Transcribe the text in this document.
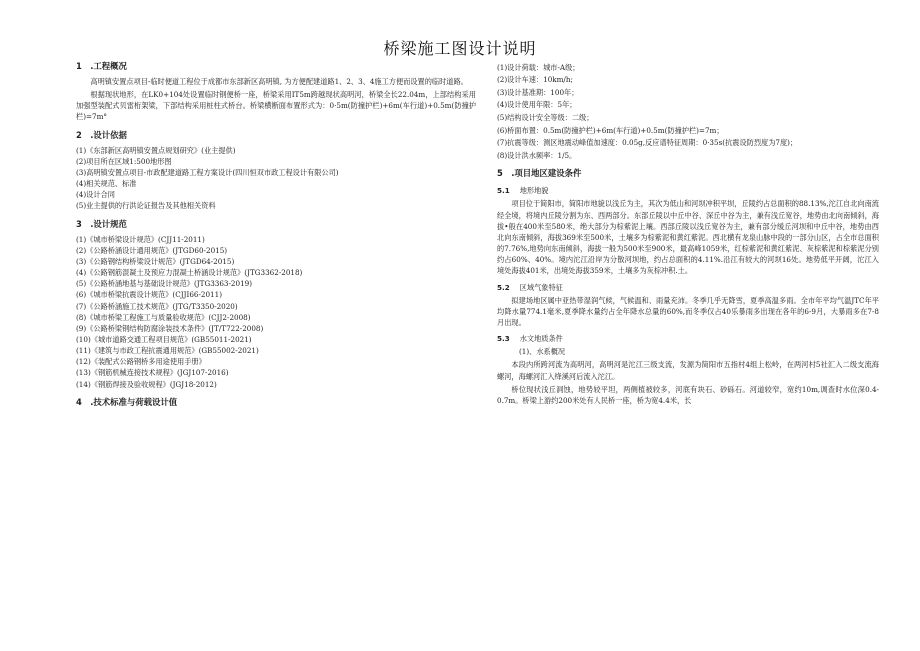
桥梁施工图设计说明
1　.工程概况
高明镇安置点项目-临时便道工程位于成都市东部新区高明镇, 为方便配建道路1、2、3、4施工方便而设置的临时道路。
根据现状地形，在LK0+104处设置临时钢便桥一座，桥梁采用IT5m跨越现状高明河，桥梁全长22.04m，上部结构采用加强型装配式贝雷桁架梁，下部结构采用桩柱式桥台。桥梁横断面布置形式为：0·5m(防撞护栏)+6m(车行道)+0.5m(防撞护栏)=7m°
2　.设计依据
(1)《东部新区高明镇安置点规划研究》(业主提供)
(2)项目所在区域1:500地形图
(3)高明镇安置点项目-市政配建道路工程方案设计(四川恒双市政工程设计有限公司)
(4)相关规范、标准
(4)设计合同
(5)业主提供的行洪论证报告及其他相关资料
3　.设计规范
(1)《城市桥梁设计规范》(CJJ11-2011)
(2)《公路桥涵设计通用规范》(JTGD60-2015)
(3)《公路钢结构桥梁设计规范》(JTGD64-2015)
(4)《公路钢筋混凝土及预应力混凝土桥涵设计规范》(JTG3362-2018)
(5)《公路桥涵地基与基础设计规范》(JTG3363-2019)
(6)《城市桥梁抗震设计规范》(CJJI66-2011)
(7)《公路桥涵施工技术规范》(JTG/T3350-2020)
(8)《城市桥梁工程施工与质量验收规范》(CJJ2-2008)
(9)《公路桥梁钢结构防腐涂装技术条件》(JT/T722-2008)
(10)《城市道路交通工程项目规范》(GB55011-2021)
(11)《建筑与市政工程抗震通用规范》(GB55002-2021)
(12)《装配式公路钢桥多用途使用手册》
(13)《钢筋机械连接技术规程》(JGJ107-2016)
(14)《钢筋焊接及验收规程》(JGJ18-2012)
4　.技术标准与荷载设计值
(1)设计荷载：城市-A级；
(2)设计车速：10km/h;
(3)设计基准期：100年；
(4)设计使用年限：5年；
(5)结构设计安全等级：二级；
(6)桥面布置：0.5m(防撞护栏)+6m(车行道)+0.5m(防撞护栏)=7m；
(7)抗震等级：测区地震动峰值加速度：0.05g,反应谱特征周期：0·35s(抗震设防烈度为7度)；
(8)设计洪水频率：1/5。
5　.项目地区建设条件
5.1 地形地貌
项目位于简阳市，简阳市地貌以浅丘为主，其次为低山和河坝冲积平坝，丘陵约占总面积的88.13%,沱江自北向南流经全境，将境内丘陵分割为东、西两部分。东部丘陵以中丘中谷、深丘中谷为主，兼有浅丘宽谷，地势由北向南倾斜，海拔•般在400米至580米，绝大部分为棕紫泥上壤。西部丘陵以浅丘宽谷为主，兼有部分缓丘河坝和中丘中谷，地势由西北向东南倾斜，海拔369米至500米，土壤多为棕紫泥和黄红紫泥。西北横有龙泉山脉中段的一部分山区，占全市总面积的7.76%,地势向东南倾斜，海拔一般为500米至900米，最高峰1059米，红棕紫泥和黄红紫泥、灰棕紫泥和棕紫泥分别约占60%、40%。境内沱江沿岸为分散河坝地，约占总面积的4.11%.沿江有较大的河坝16处。地势低平开阔，沱江入境处海拔401米，出境处海拔359米，土壤多为灰棕冲积.土。
5.2 区域气象特征
拟建场地区属中亚热带湿润气候，气候温和、雨量充沛。冬季几乎无降雪，夏季高温多雨。全市年平均气温JTC年平均降水量774.1毫米,夏季降水量约占全年降水总量的60%,而冬季仅占40乐暴雨多出现在各年的6-9月，大暴雨多在7-8月出现。
5.3 水文地质条件
(1)、水系概况
本段内所跨河流为高明河，高明河是沱江三级支流，发源为简阳市五指村4组上松岭，在两河村5社汇入二级支流海螺河，海螺河汇入绛溪河后流入沱江。
桥位现状浅丘洞蚀，地势较平坦，两侧植被较多，河底有块石、砂砾石。河道较窄，宽约10m,调查时水位深0.4-0.7m。桥梁上游约200米处有人民桥一座，桥为宽4.4米，长
